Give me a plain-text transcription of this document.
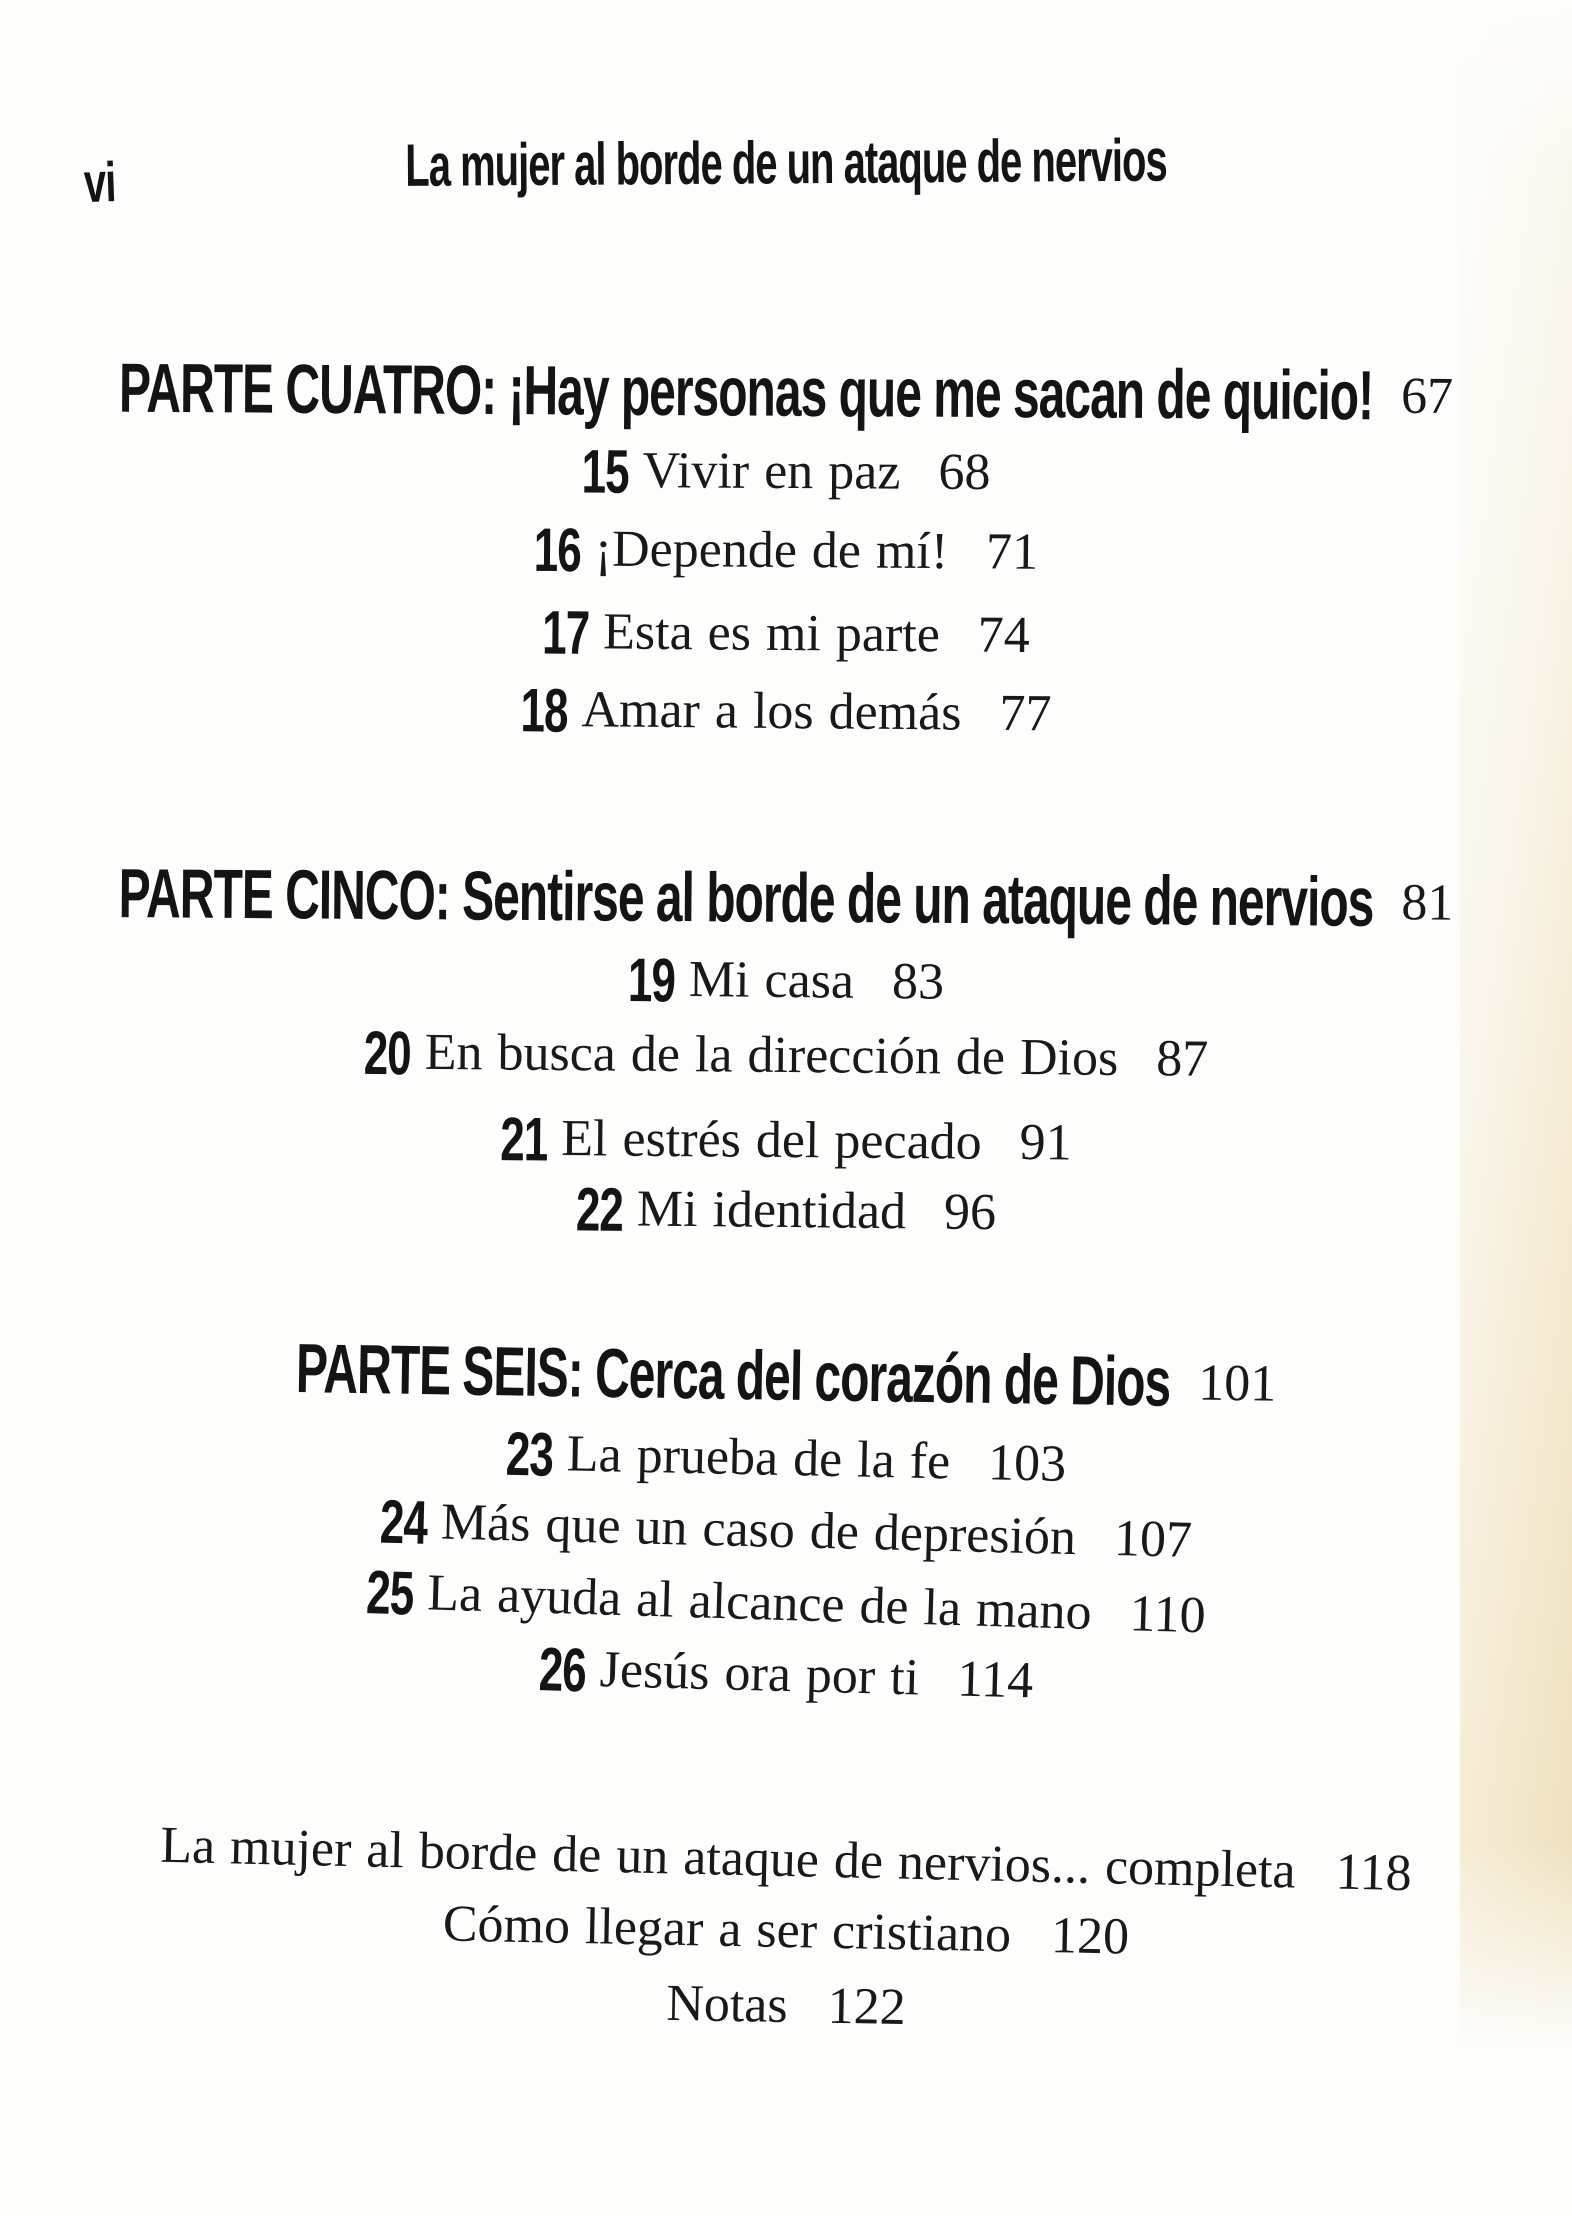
vi	La mujer al borde de un ataque de nervios
PARTE CUATRO: ¡Hay personas que me sacan de quicio! 67
15 Vivir en paz 68
16 ¡Depende de mí! 71
17 Esta es mi parte 74
18 Amar a los demás 77
PARTE CINCO: Sentirse al borde de un ataque de nervios 81
19 Mi casa 83
20 En busca de la dirección de Dios 87
21 El estrés del pecado 91
22 Mi identidad 96
PARTE SEIS: Cerca del corazón de Dios 101
23 La prueba de la fe 103
24 Más que un caso de depresión 107
25 La ayuda al alcance de la mano 110
26 Jesús ora por ti 114
La mujer al borde de un ataque de nervios... completa 118
Cómo llegar a ser cristiano 120
Notas 122
